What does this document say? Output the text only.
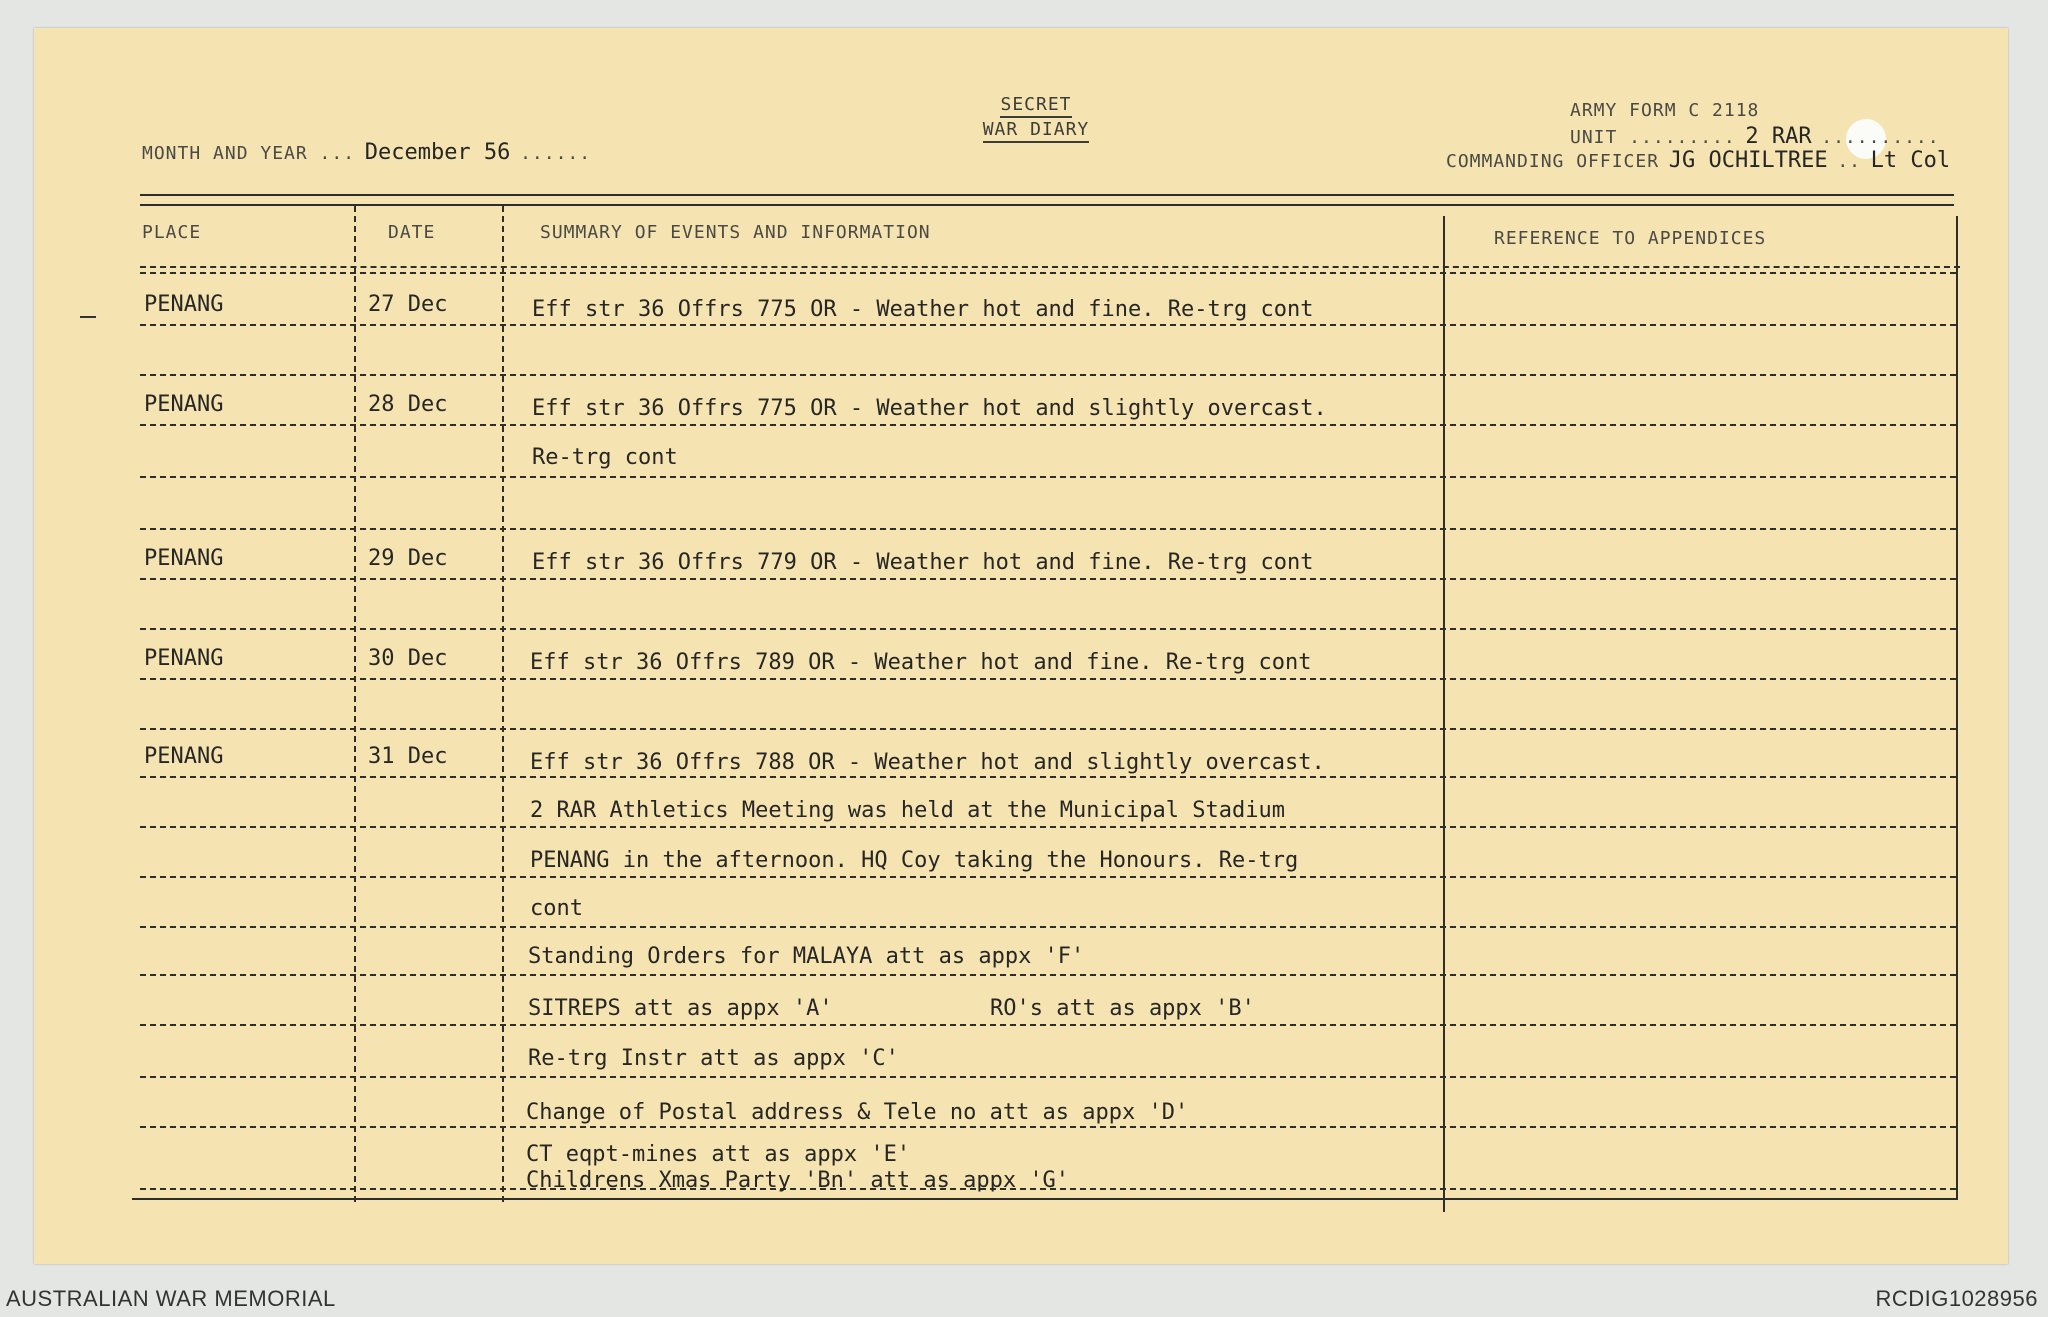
SECRET
WAR DIARY
MONTH AND YEAR ... December 56 ......
ARMY FORM C 2118
UNIT ......... 2 RAR ..........
COMMANDING OFFICER JG OCHILTREE .. Lt Col
PLACE	DATE	SUMMARY OF EVENTS AND INFORMATION	REFERENCE TO APPENDICES
PENANG	27 Dec	Eff str 36 Offrs 775 OR - Weather hot and fine. Re-trg cont
PENANG	28 Dec	Eff str 36 Offrs 775 OR - Weather hot and slightly overcast.
Re-trg cont
PENANG	29 Dec	Eff str 36 Offrs 779 OR - Weather hot and fine. Re-trg cont
PENANG	30 Dec	Eff str 36 Offrs 789 OR - Weather hot and fine. Re-trg cont
PENANG	31 Dec	Eff str 36 Offrs 788 OR - Weather hot and slightly overcast.
2 RAR Athletics Meeting was held at the Municipal Stadium
PENANG in the afternoon. HQ Coy taking the Honours. Re-trg
cont
Standing Orders for MALAYA att as appx 'F'
SITREPS att as appx 'A'	RO's att as appx 'B'
Re-trg Instr att as appx 'C'
Change of Postal address & Tele no att as appx 'D'
CT eqpt-mines att as appx 'E'
Childrens Xmas Party 'Bn' att as appx 'G'
AUSTRALIAN WAR MEMORIAL	RCDIG1028956
